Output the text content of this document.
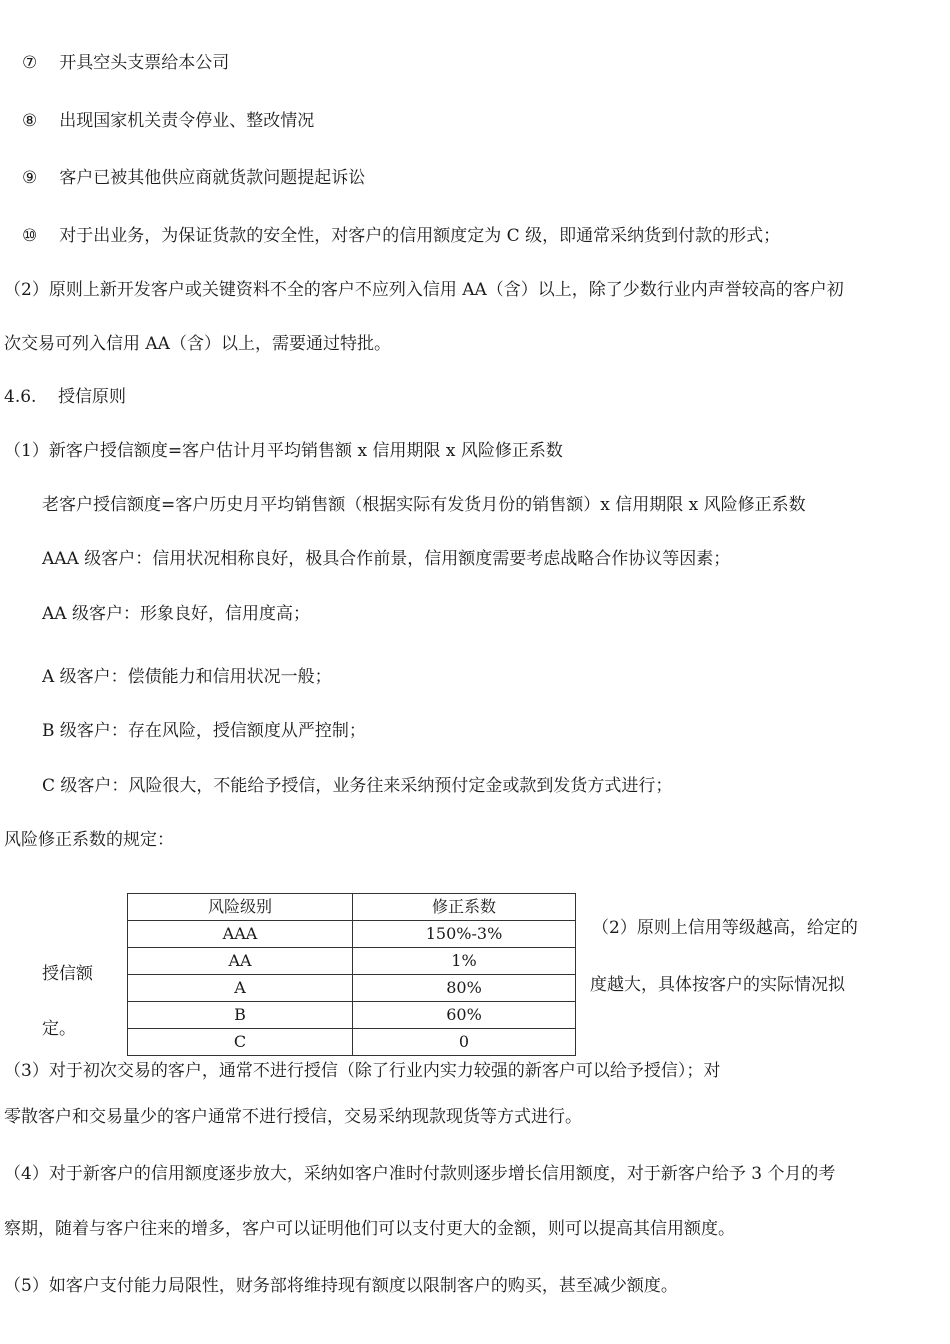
⑦ 开具空头支票给本公司
⑧ 出现国家机关责令停业、整改情况
⑨ 客户已被其他供应商就货款问题提起诉讼
⑩ 对于出业务，为保证货款的安全性，对客户的信用额度定为 C 级，即通常采纳货到付款的形式；
（2）原则上新开发客户或关键资料不全的客户不应列入信用 AA（含）以上，除了少数行业内声誉较高的客户初
次交易可列入信用 AA（含）以上，需要通过特批。
4.6.    授信原则
（1）新客户授信额度=客户估计月平均销售额 x 信用期限 x 风险修正系数
老客户授信额度=客户历史月平均销售额（根据实际有发货月份的销售额）x 信用期限 x 风险修正系数
AAA 级客户：信用状况相称良好，极具合作前景，信用额度需要考虑战略合作协议等因素；
AA 级客户：形象良好，信用度高；
A 级客户：偿债能力和信用状况一般；
B 级客户：存在风险，授信额度从严控制；
C 级客户：风险很大，不能给予授信，业务往来采纳预付定金或款到发货方式进行；
风险修正系数的规定：
风险级别	修正系数
AAA	150%-3%
AA	1%
A	80%
B	60%
C	0
（2）原则上信用等级越高，给定的
度越大，具体按客户的实际情况拟
授信额
定。
（3）对于初次交易的客户，通常不进行授信（除了行业内实力较强的新客户可以给予授信）；对
零散客户和交易量少的客户通常不进行授信，交易采纳现款现货等方式进行。
（4）对于新客户的信用额度逐步放大，采纳如客户准时付款则逐步增长信用额度，对于新客户给予 3 个月的考
察期，随着与客户往来的增多，客户可以证明他们可以支付更大的金额，则可以提高其信用额度。
（5）如客户支付能力局限性，财务部将维持现有额度以限制客户的购买，甚至减少额度。
